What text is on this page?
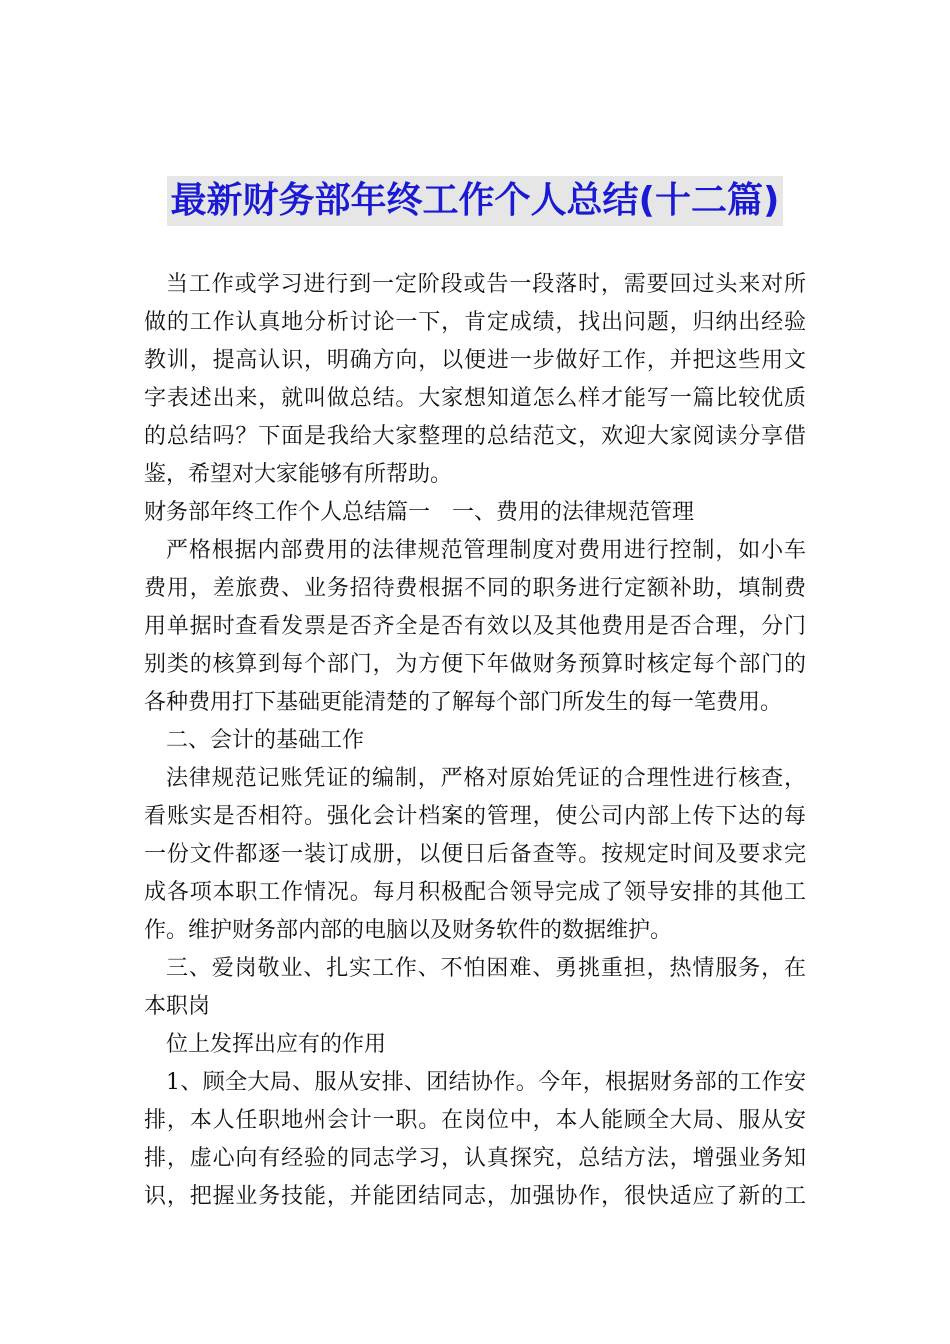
最新财务部年终工作个人总结(十二篇)
当工作或学习进行到一定阶段或告一段落时，需要回过头来对所
做的工作认真地分析讨论一下，肯定成绩，找出问题，归纳出经验
教训，提高认识，明确方向，以便进一步做好工作，并把这些用文
字表述出来，就叫做总结。大家想知道怎么样才能写一篇比较优质
的总结吗？下面是我给大家整理的总结范文，欢迎大家阅读分享借
鉴，希望对大家能够有所帮助。
财务部年终工作个人总结篇一　一、费用的法律规范管理
严格根据内部费用的法律规范管理制度对费用进行控制，如小车
费用，差旅费、业务招待费根据不同的职务进行定额补助，填制费
用单据时查看发票是否齐全是否有效以及其他费用是否合理，分门
别类的核算到每个部门，为方便下年做财务预算时核定每个部门的
各种费用打下基础更能清楚的了解每个部门所发生的每一笔费用。
二、会计的基础工作
法律规范记账凭证的编制，严格对原始凭证的合理性进行核查，
看账实是否相符。强化会计档案的管理，使公司内部上传下达的每
一份文件都逐一装订成册，以便日后备查等。按规定时间及要求完
成各项本职工作情况。每月积极配合领导完成了领导安排的其他工
作。维护财务部内部的电脑以及财务软件的数据维护。
三、爱岗敬业、扎实工作、不怕困难、勇挑重担，热情服务，在
本职岗
位上发挥出应有的作用
1、顾全大局、服从安排、团结协作。今年，根据财务部的工作安
排，本人任职地州会计一职。在岗位中，本人能顾全大局、服从安
排，虚心向有经验的同志学习，认真探究，总结方法，增强业务知
识，把握业务技能，并能团结同志，加强协作，很快适应了新的工
